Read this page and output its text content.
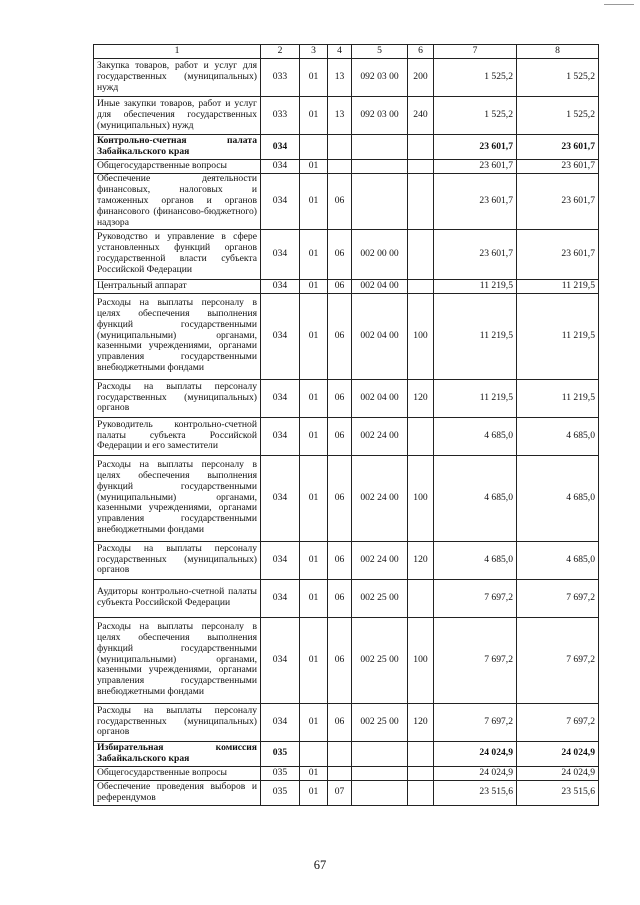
1	2	3	4	5	6	7	8
Закупка товаров, работ и услуг для государственных (муниципальных) нужд	033	01	13	092 03 00	200	1 525,2	1 525,2
Иные закупки товаров, работ и услуг для обеспечения государственных (муниципальных) нужд	033	01	13	092 03 00	240	1 525,2	1 525,2
Контрольно-счетная палата Забайкальского края	034					23 601,7	23 601,7
Общегосударственные вопросы	034	01				23 601,7	23 601,7
Обеспечение деятельности финансовых, налоговых и таможенных органов и органов финансового (финансово-бюджетного) надзора	034	01	06			23 601,7	23 601,7
Руководство и управление в сфере установленных функций органов государственной власти субъекта Российской Федерации	034	01	06	002 00 00		23 601,7	23 601,7
Центральный аппарат	034	01	06	002 04 00		11 219,5	11 219,5
Расходы на выплаты персоналу в целях обеспечения выполнения функций государственными (муниципальными) органами, казенными учреждениями, органами управления государственными внебюджетными фондами	034	01	06	002 04 00	100	11 219,5	11 219,5
Расходы на выплаты персоналу государственных (муниципальных) органов	034	01	06	002 04 00	120	11 219,5	11 219,5
Руководитель контрольно-счетной палаты субъекта Российской Федерации и его заместители	034	01	06	002 24 00		4 685,0	4 685,0
Расходы на выплаты персоналу в целях обеспечения выполнения функций государственными (муниципальными) органами, казенными учреждениями, органами управления государственными внебюджетными фондами	034	01	06	002 24 00	100	4 685,0	4 685,0
Расходы на выплаты персоналу государственных (муниципальных) органов	034	01	06	002 24 00	120	4 685,0	4 685,0
Аудиторы контрольно-счетной палаты субъекта Российской Федерации	034	01	06	002 25 00		7 697,2	7 697,2
Расходы на выплаты персоналу в целях обеспечения выполнения функций государственными (муниципальными) органами, казенными учреждениями, органами управления государственными внебюджетными фондами	034	01	06	002 25 00	100	7 697,2	7 697,2
Расходы на выплаты персоналу государственных (муниципальных) органов	034	01	06	002 25 00	120	7 697,2	7 697,2
Избирательная комиссия Забайкальского края	035					24 024,9	24 024,9
Общегосударственные вопросы	035	01				24 024,9	24 024,9
Обеспечение проведения выборов и референдумов	035	01	07			23 515,6	23 515,6
67
